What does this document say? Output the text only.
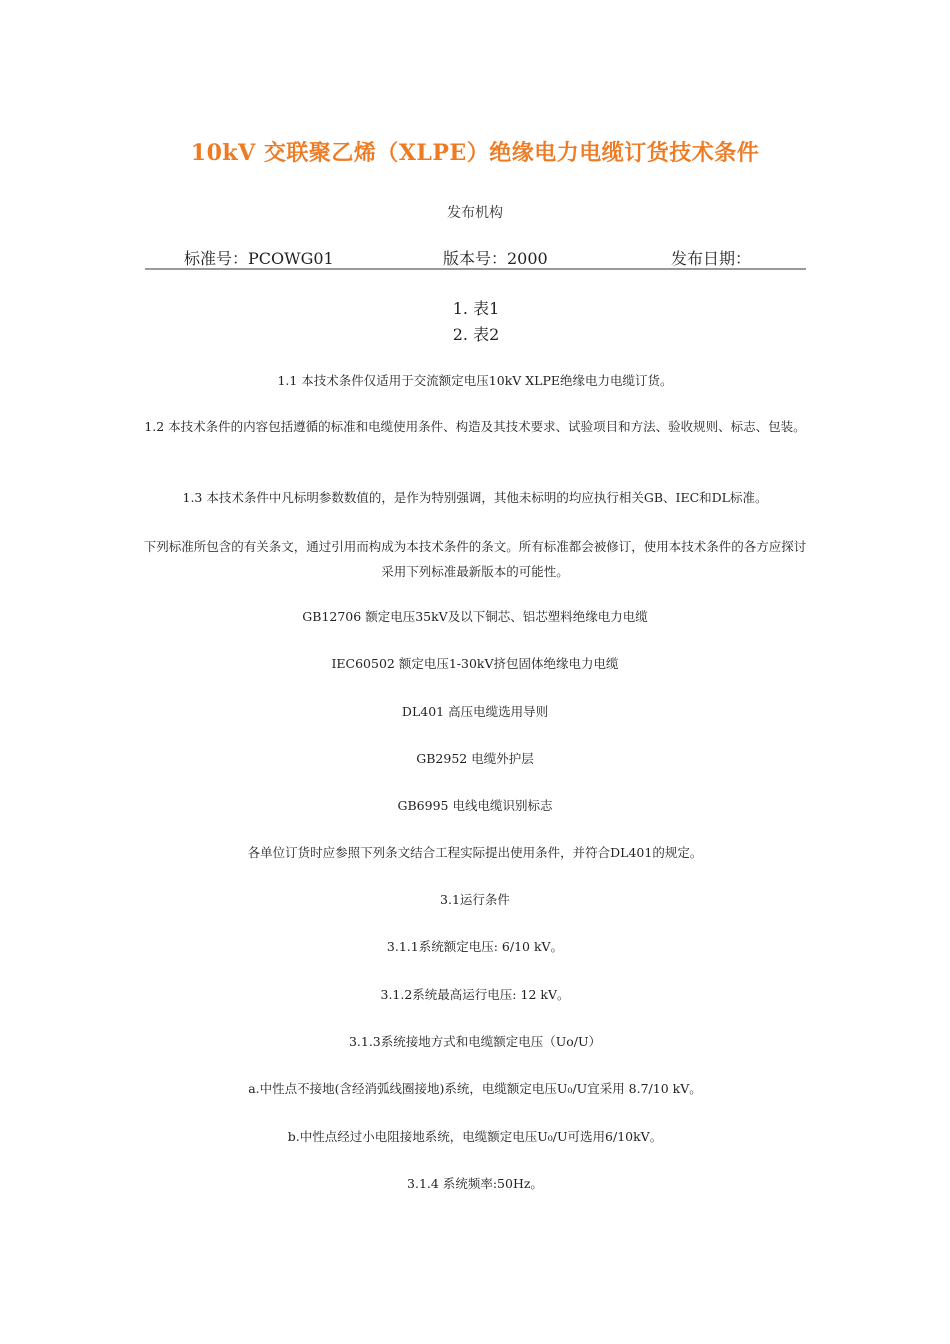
10kV 交联聚乙烯（XLPE）绝缘电力电缆订货技术条件
发布机构
标准号：PCOWG01	版本号：2000	发布日期：
1. 表1
2. 表2
1.1 本技术条件仅适用于交流额定电压10kV XLPE绝缘电力电缆订货。
1.2 本技术条件的内容包括遵循的标准和电缆使用条件、构造及其技术要求、试验项目和方法、验收规则、标志、包装。
1.3 本技术条件中凡标明参数数值的，是作为特别强调，其他未标明的均应执行相关GB、IEC和DL标准。
下列标准所包含的有关条文，通过引用而构成为本技术条件的条文。所有标准都会被修订，使用本技术条件的各方应探讨采用下列标准最新版本的可能性。
GB12706 额定电压35kV及以下铜芯、铝芯塑料绝缘电力电缆
IEC60502 额定电压1-30kV挤包固体绝缘电力电缆
DL401 高压电缆选用导则
GB2952 电缆外护层
GB6995 电线电缆识别标志
各单位订货时应参照下列条文结合工程实际提出使用条件，并符合DL401的规定。
3.1运行条件
3.1.1系统额定电压: 6/10 kV。
3.1.2系统最高运行电压: 12 kV。
3.1.3系统接地方式和电缆额定电压（Uo/U）
a.中性点不接地(含经消弧线圈接地)系统，电缆额定电压U₀/U宜采用 8.7/10 kV。
b.中性点经过小电阻接地系统，电缆额定电压U₀/U可选用6/10kV。
3.1.4 系统频率:50Hz。
